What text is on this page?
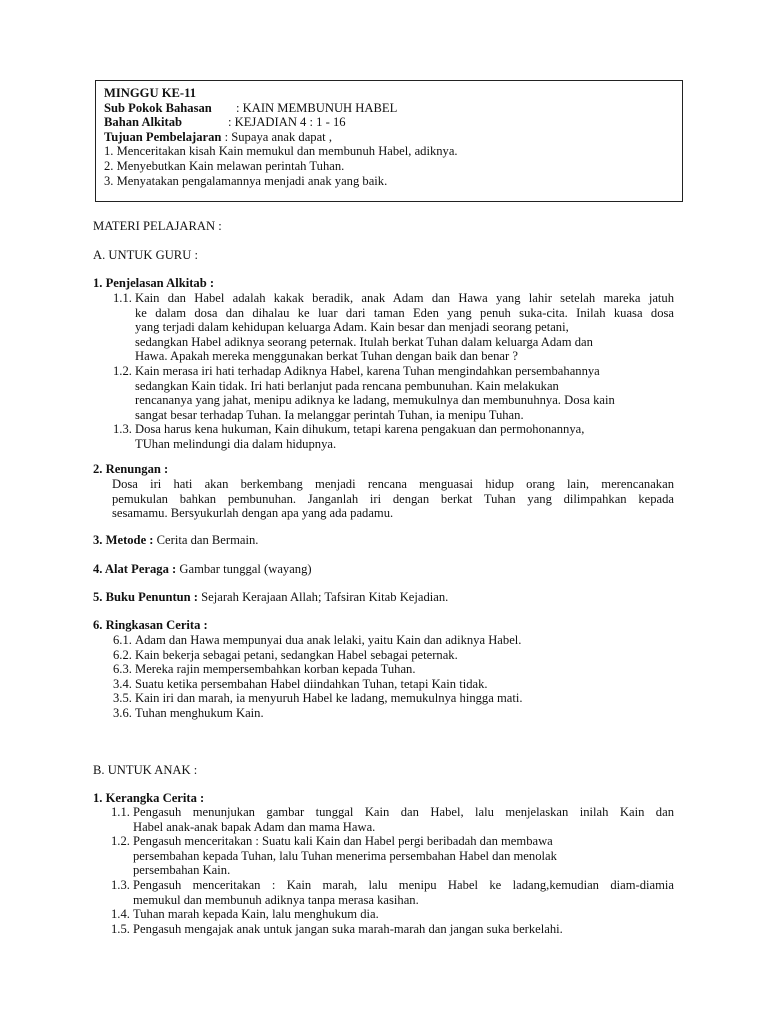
MINGGU KE-11
Sub Pokok Bahasan : KAIN MEMBUNUH HABEL
Bahan Alkitab	: KEJADIAN 4 : 1 - 16
Tujuan Pembelajaran : Supaya anak dapat ,
1. Menceritakan kisah Kain memukul dan membunuh Habel, adiknya.
2. Menyebutkan Kain melawan perintah Tuhan.
3. Menyatakan pengalamannya menjadi anak yang baik.
MATERI PELAJARAN :
A. UNTUK GURU :
1. Penjelasan Alkitab :
1.1. Kain dan Habel adalah kakak beradik, anak Adam dan Hawa yang lahir setelah mareka jatuh
ke dalam dosa dan dihalau ke luar dari taman Eden yang penuh suka-cita. Inilah kuasa dosa
yang terjadi dalam kehidupan keluarga Adam. Kain besar dan menjadi seorang petani,
sedangkan Habel adiknya seorang peternak. Itulah berkat Tuhan dalam keluarga Adam dan
Hawa. Apakah mereka menggunakan berkat Tuhan dengan baik dan benar ?
1.2. Kain merasa iri hati terhadap Adiknya Habel, karena Tuhan mengindahkan persembahannya
sedangkan Kain tidak. Iri hati berlanjut pada rencana pembunuhan. Kain melakukan
rencananya yang jahat, menipu adiknya ke ladang, memukulnya dan membunuhnya. Dosa kain
sangat besar terhadap Tuhan. Ia melanggar perintah Tuhan, ia menipu Tuhan.
1.3. Dosa harus kena hukuman, Kain dihukum, tetapi karena pengakuan dan permohonannya,
TUhan melindungi dia dalam hidupnya.
2. Renungan :
Dosa iri hati akan berkembang menjadi rencana menguasai hidup orang lain, merencanakan
pemukulan bahkan pembunuhan. Janganlah iri dengan berkat Tuhan yang dilimpahkan kepada
sesamamu. Bersyukurlah dengan apa yang ada padamu.
3. Metode : Cerita dan Bermain.
4. Alat Peraga : Gambar tunggal (wayang)
5. Buku Penuntun : Sejarah Kerajaan Allah; Tafsiran Kitab Kejadian.
6. Ringkasan Cerita :
6.1. Adam dan Hawa mempunyai dua anak lelaki, yaitu Kain dan adiknya Habel.
6.2. Kain bekerja sebagai petani, sedangkan Habel sebagai peternak.
6.3. Mereka rajin mempersembahkan korban kepada Tuhan.
3.4. Suatu ketika persembahan Habel diindahkan Tuhan, tetapi Kain tidak.
3.5. Kain iri dan marah, ia menyuruh Habel ke ladang, memukulnya hingga mati.
3.6. Tuhan menghukum Kain.
B. UNTUK ANAK :
1. Kerangka Cerita :
1.1. Pengasuh menunjukan gambar tunggal Kain dan Habel, lalu menjelaskan inilah Kain dan
Habel anak-anak bapak Adam dan mama Hawa.
1.2. Pengasuh menceritakan : Suatu kali Kain dan Habel pergi beribadah dan membawa
persembahan kepada Tuhan, lalu Tuhan menerima persembahan Habel dan menolak
persembahan Kain.
1.3. Pengasuh menceritakan : Kain marah, lalu menipu Habel ke ladang,kemudian diam-diamia
memukul dan membunuh adiknya tanpa merasa kasihan.
1.4. Tuhan marah kepada Kain, lalu menghukum dia.
1.5. Pengasuh mengajak anak untuk jangan suka marah-marah dan jangan suka berkelahi.
